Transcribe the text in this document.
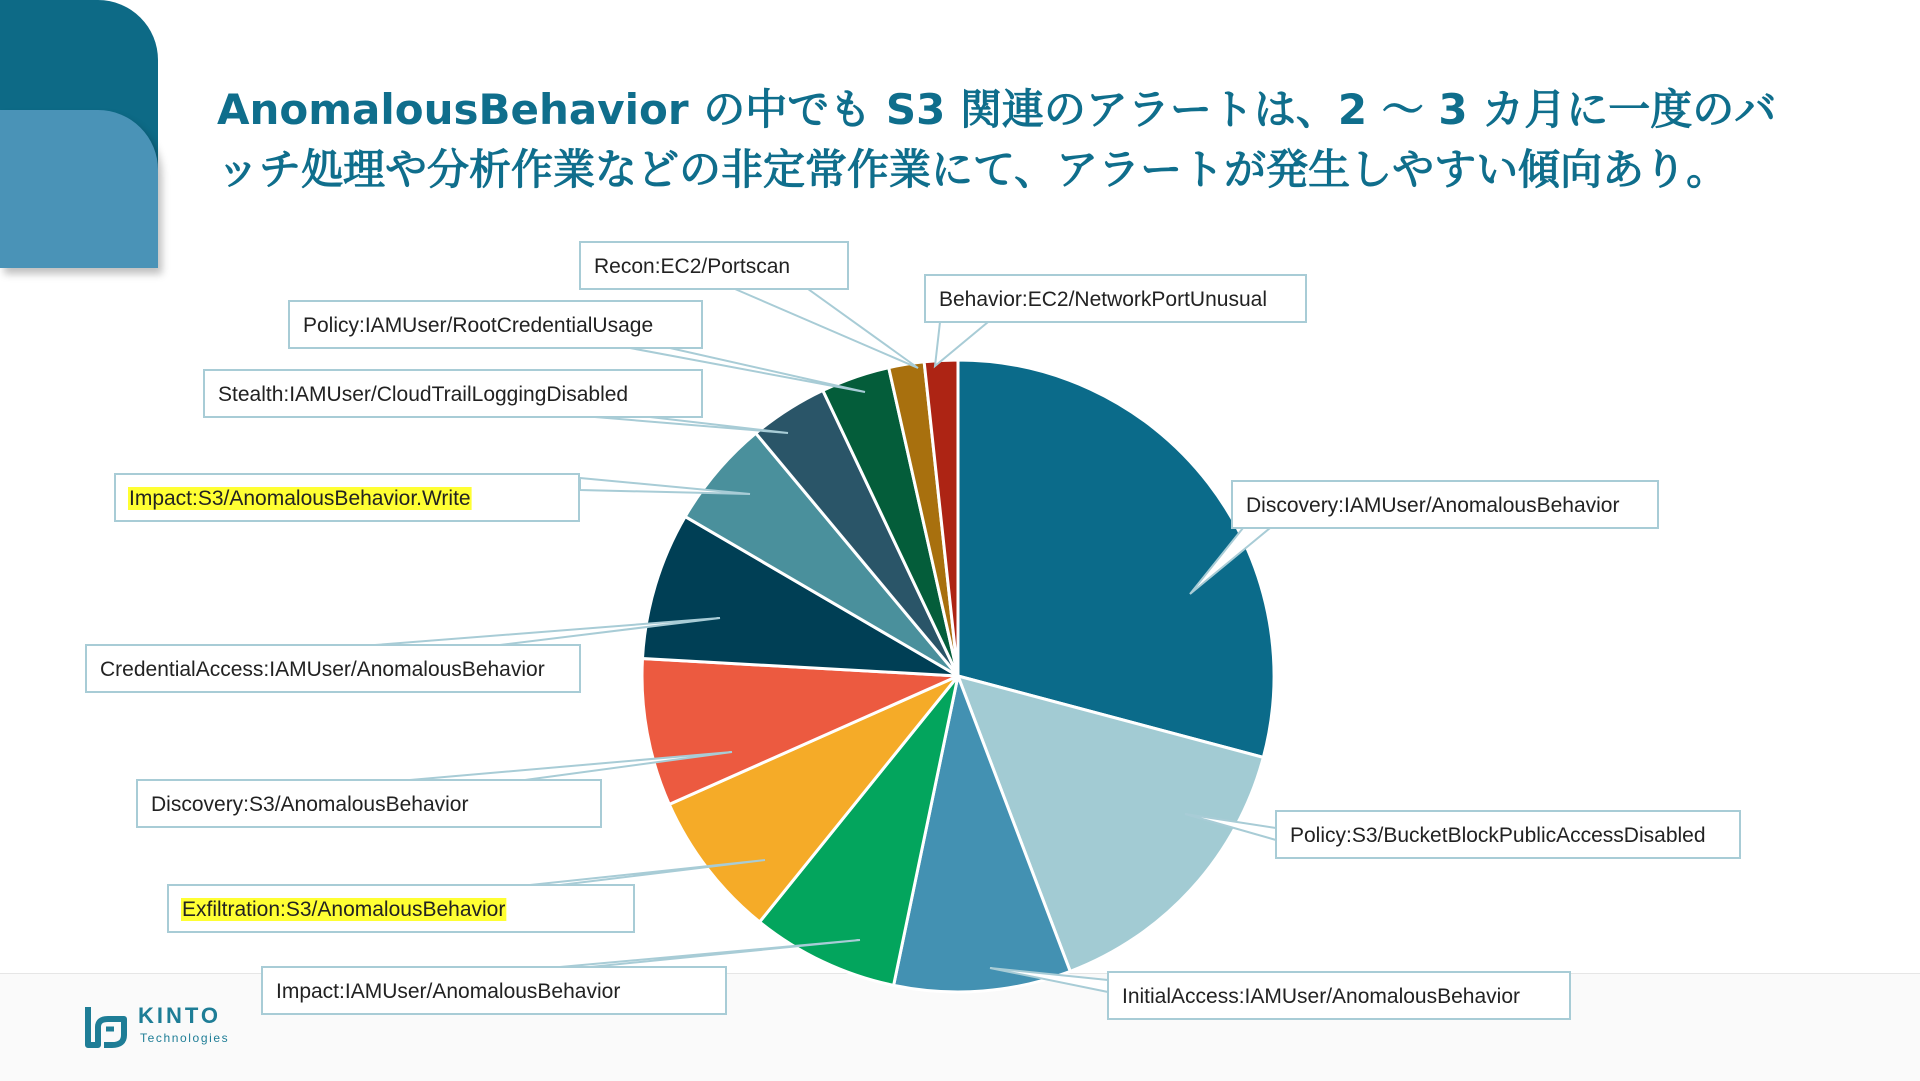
AnomalousBehavior の中でも S3 関連のアラートは、2 〜 3 カ月に一度のバッチ処理や分析作業などの非定常作業にて、アラートが発生しやすい傾向あり。
KINTO
Technologies
Discovery:IAMUser/AnomalousBehavior
Policy:S3/BucketBlockPublicAccessDisabled
InitialAccess:IAMUser/AnomalousBehavior
Impact:IAMUser/AnomalousBehavior
Exfiltration:S3/AnomalousBehavior
Discovery:S3/AnomalousBehavior
CredentialAccess:IAMUser/AnomalousBehavior
Impact:S3/AnomalousBehavior.Write
Stealth:IAMUser/CloudTrailLoggingDisabled
Policy:IAMUser/RootCredentialUsage
Recon:EC2/Portscan
Behavior:EC2/NetworkPortUnusual
